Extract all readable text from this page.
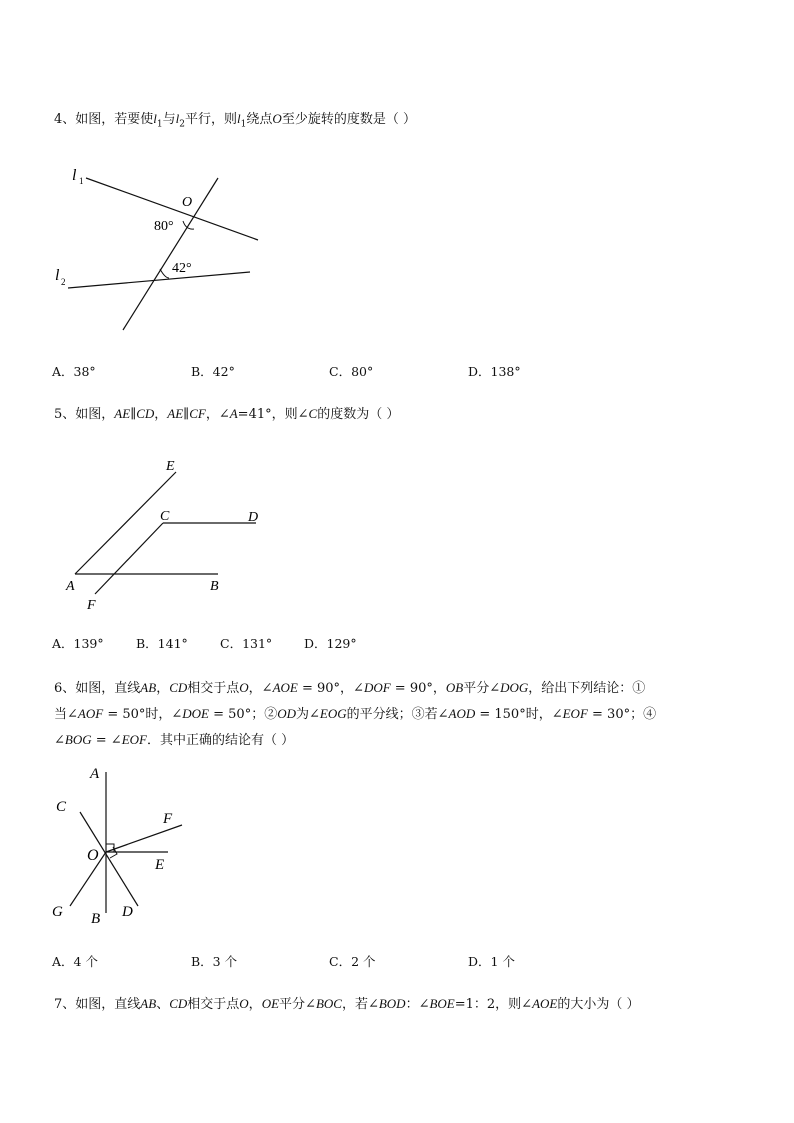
4、如图，若要使$l_1$与$l_2$平行，则$l_1$绕点O至少旋转的度数是（ ）
l 1
l 2
O
80°
42°
A．38°	B．42°	C．80°	D．138°
5、如图，AE∥CD，AE∥CF，∠A=41°，则∠C的度数为（ ）
E
C	D
A	B
F
A．139°	B．141°	C．131°	D．129°
6、如图，直线AB，CD相交于点O，∠AOE = 90°，∠DOF = 90°，OB平分∠DOG，给出下列结论：①
当∠AOF = 50°时，∠DOE = 50°；②OD为∠EOG的平分线；③若∠AOD = 150°时，∠EOF = 30°；④
∠BOG = ∠EOF．其中正确的结论有（ ）
A
C
F
O
E
G B D
A．4 个	B．3 个	C．2 个	D．1 个
7、如图，直线AB、CD相交于点O，OE平分∠BOC，若∠BOD：∠BOE=1：2，则∠AOE的大小为（ ）
